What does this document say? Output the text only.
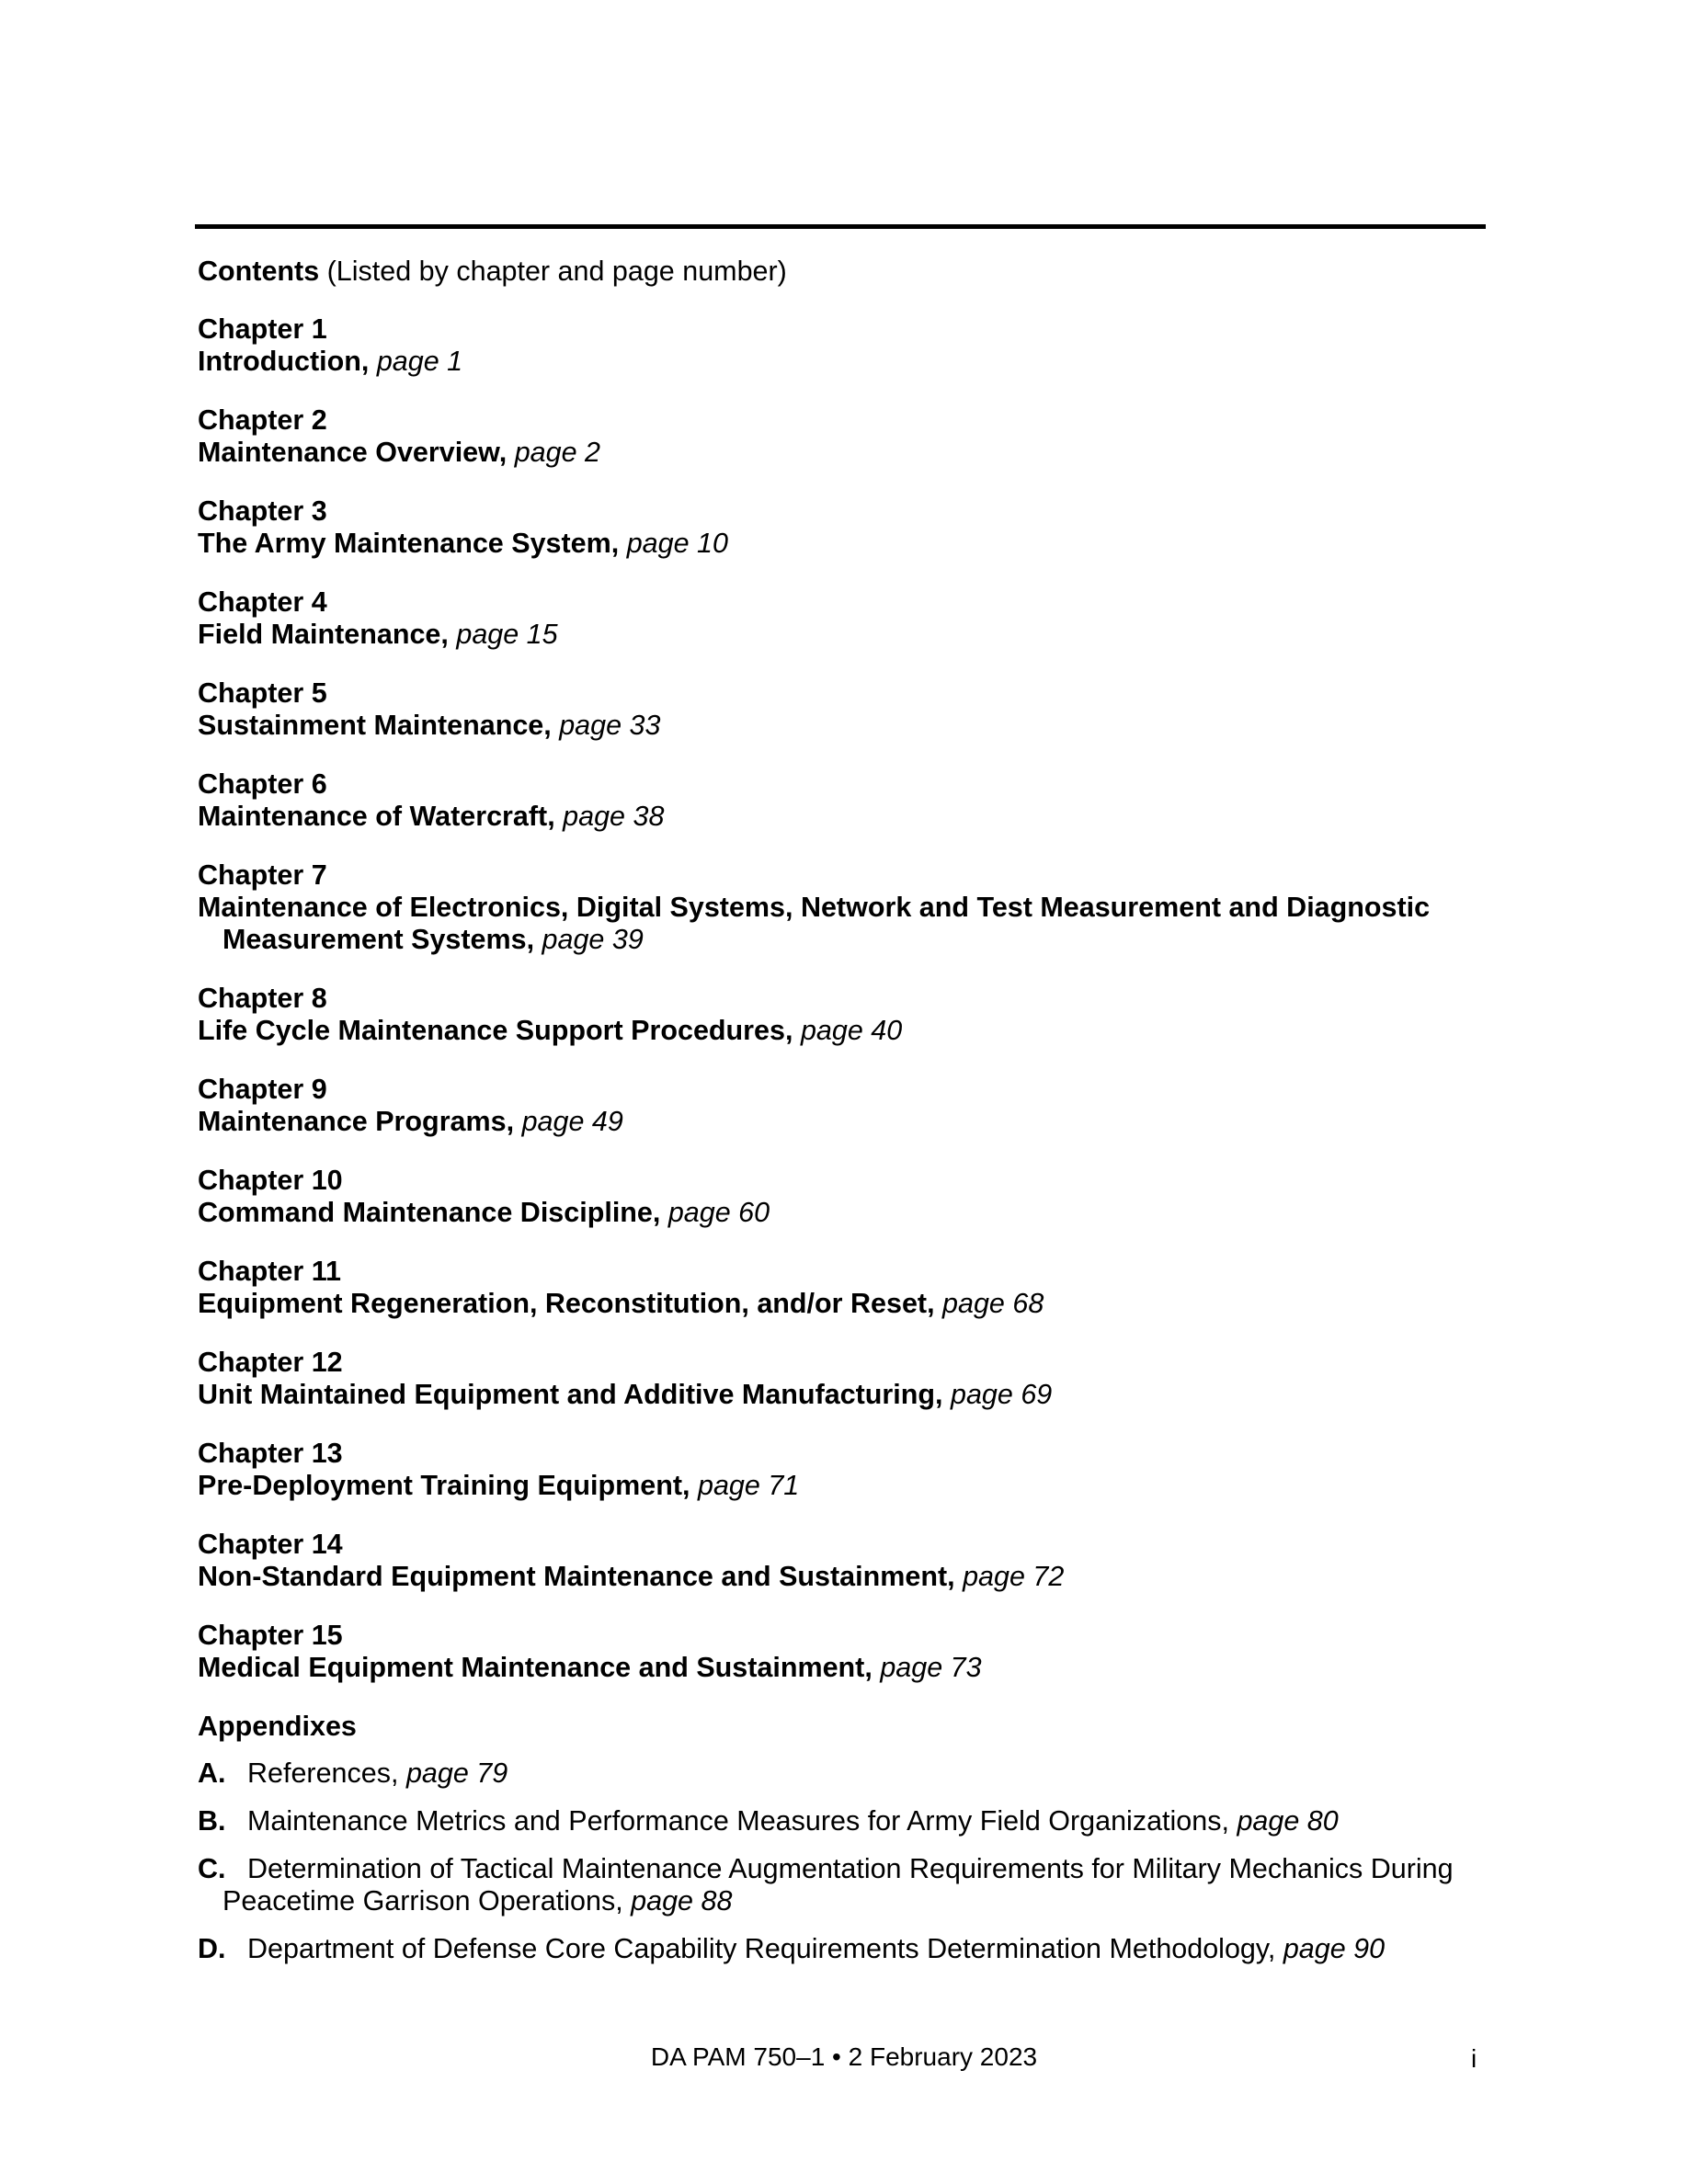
Contents (Listed by chapter and page number)
Chapter 1
Introduction, page 1
Chapter 2
Maintenance Overview, page 2
Chapter 3
The Army Maintenance System, page 10
Chapter 4
Field Maintenance, page 15
Chapter 5
Sustainment Maintenance, page 33
Chapter 6
Maintenance of Watercraft, page 38
Chapter 7
Maintenance of Electronics, Digital Systems, Network and Test Measurement and Diagnostic Measurement Systems, page 39
Chapter 8
Life Cycle Maintenance Support Procedures, page 40
Chapter 9
Maintenance Programs, page 49
Chapter 10
Command Maintenance Discipline, page 60
Chapter 11
Equipment Regeneration, Reconstitution, and/or Reset, page 68
Chapter 12
Unit Maintained Equipment and Additive Manufacturing, page 69
Chapter 13
Pre-Deployment Training Equipment, page 71
Chapter 14
Non-Standard Equipment Maintenance and Sustainment, page 72
Chapter 15
Medical Equipment Maintenance and Sustainment, page 73
Appendixes
A. References, page 79
B. Maintenance Metrics and Performance Measures for Army Field Organizations, page 80
C. Determination of Tactical Maintenance Augmentation Requirements for Military Mechanics During Peacetime Garrison Operations, page 88
D. Department of Defense Core Capability Requirements Determination Methodology, page 90
DA PAM 750–1 • 2 February 2023	i
